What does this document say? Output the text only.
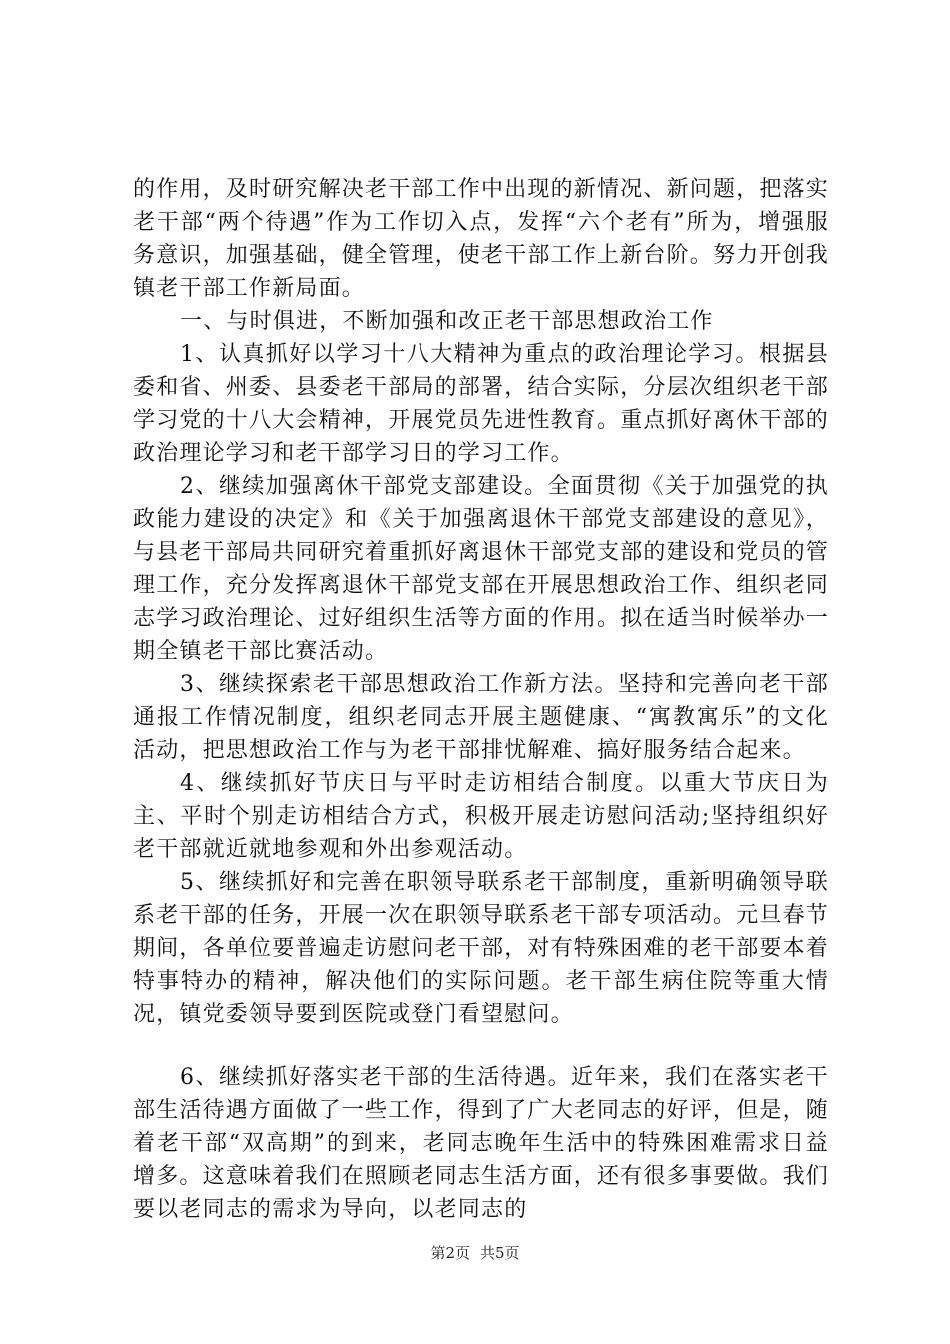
的作用，及时研究解决老干部工作中出现的新情况、新问题，把落实老干部“两个待遇”作为工作切入点，发挥“六个老有”所为，增强服务意识，加强基础，健全管理，使老干部工作上新台阶。努力开创我镇老干部工作新局面。

一、与时俱进，不断加强和改正老干部思想政治工作

1、认真抓好以学习十八大精神为重点的政治理论学习。根据县委和省、州委、县委老干部局的部署，结合实际，分层次组织老干部学习党的十八大会精神，开展党员先进性教育。重点抓好离休干部的政治理论学习和老干部学习日的学习工作。

2、继续加强离休干部党支部建设。全面贯彻《关于加强党的执政能力建设的决定》和《关于加强离退休干部党支部建设的意见》，与县老干部局共同研究着重抓好离退休干部党支部的建设和党员的管理工作，充分发挥离退休干部党支部在开展思想政治工作、组织老同志学习政治理论、过好组织生活等方面的作用。拟在适当时候举办一期全镇老干部比赛活动。

3、继续探索老干部思想政治工作新方法。坚持和完善向老干部通报工作情况制度，组织老同志开展主题健康、“寓教寓乐”的文化活动，把思想政治工作与为老干部排忧解难、搞好服务结合起来。

4、继续抓好节庆日与平时走访相结合制度。以重大节庆日为主、平时个别走访相结合方式，积极开展走访慰问活动;坚持组织好老干部就近就地参观和外出参观活动。

5、继续抓好和完善在职领导联系老干部制度，重新明确领导联系老干部的任务，开展一次在职领导联系老干部专项活动。元旦春节期间，各单位要普遍走访慰问老干部，对有特殊困难的老干部要本着特事特办的精神，解决他们的实际问题。老干部生病住院等重大情况，镇党委领导要到医院或登门看望慰问。

6、继续抓好落实老干部的生活待遇。近年来，我们在落实老干部生活待遇方面做了一些工作，得到了广大老同志的好评，但是，随着老干部“双高期”的到来，老同志晚年生活中的特殊困难需求日益增多。这意味着我们在照顾老同志生活方面，还有很多事要做。我们要以老同志的需求为导向，以老同志的

第2页 共5页
